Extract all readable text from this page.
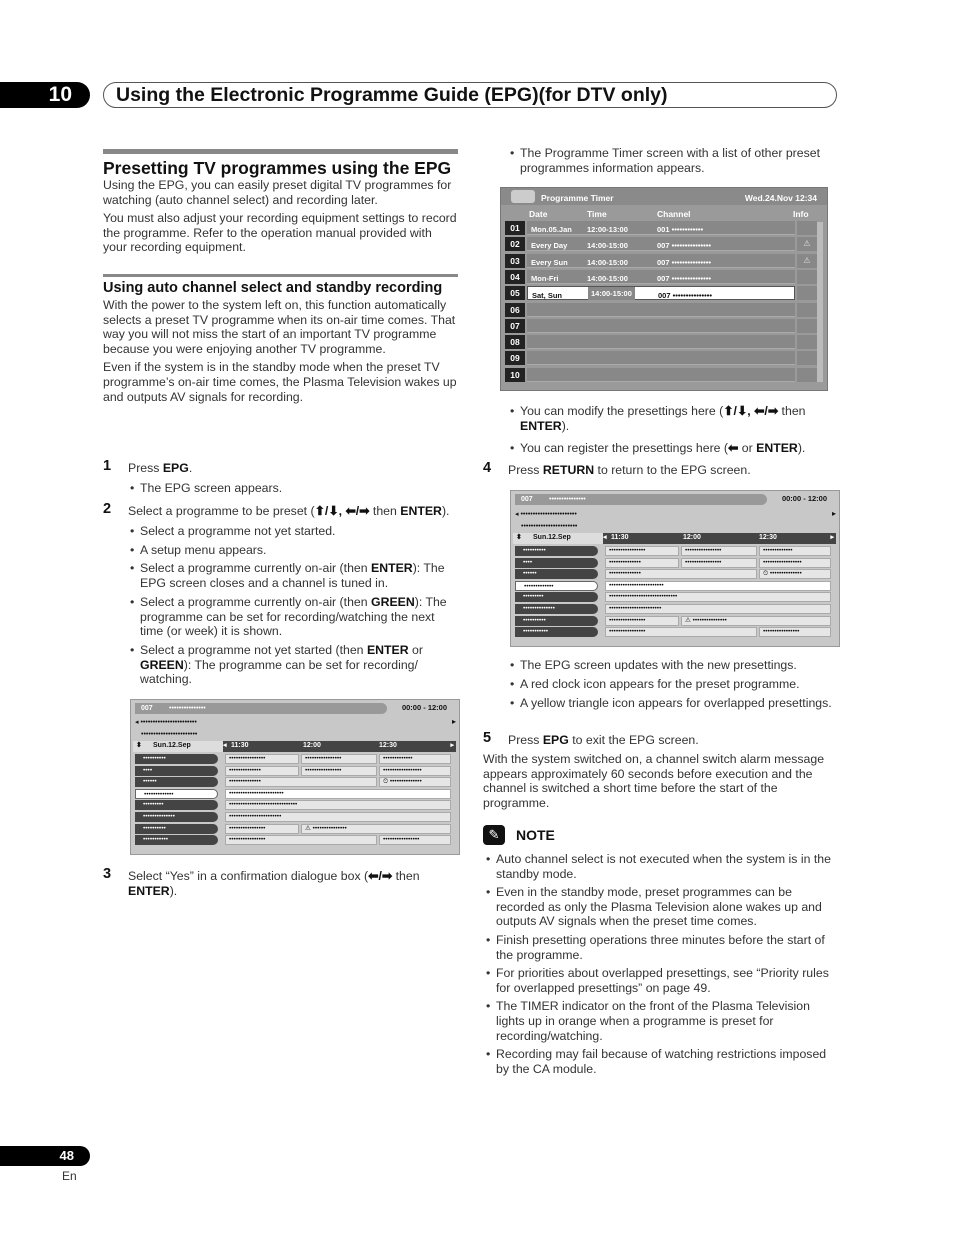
10	Using the Electronic Programme Guide (EPG)(for DTV only)
Presetting TV programmes using the EPG

Using the EPG, you can easily preset digital TV programmes for watching (auto channel select) and recording later.

You must also adjust your recording equipment settings to record the programme. Refer to the operation manual provided with your recording equipment.

Using auto channel select and standby recording

With the power to the system left on, this function automatically selects a preset TV programme when its on-air time comes. That way you will not miss the start of an important TV programme because you were enjoying another TV programme.

Even if the system is in the standby mode when the preset TV programme’s on-air time comes, the Plasma Television wakes up and outputs AV signals for recording.

1 Press EPG.
• The EPG screen appears.
2 Select a programme to be preset (⬆/⬇, ⬅/➡ then ENTER).
• Select a programme not yet started.
• A setup menu appears.
• Select a programme currently on-air (then ENTER): The EPG screen closes and a channel is tuned in.
• Select a programme currently on-air (then GREEN): The programme can be set for recording/watching the next time (or week) it is shown.
• Select a programme not yet started (then ENTER or GREEN): The programme can be set for recording/ watching.
007 •••••••••••••••	00:00 - 12:00
◂ •••••••••••••••••••••••	▸
•••••••••••••••••••••••
⬍ Sun.12.Sep	◂ 11:30	12:00	12:30	▸
••••••••••	••••••••••••••••	••••••••••••••••	•••••••••••••
••••	••••••••••••••	••••••••••••••••	•••••••••••••••••
••••••	••••••••••••••	⏲ ••••••••••••••
•••••••••••••	••••••••••••••••••••••••
•••••••••	••••••••••••••••••••••••••••••
••••••••••••••	•••••••••••••••••••••••
••••••••••	••••••••••••••••	⚠ •••••••••••••••
•••••••••••	••••••••••••••••	••••••••••••••••
3 Select “Yes” in a confirmation dialogue box (⬅/➡ then ENTER).
• The Programme Timer screen with a list of other preset programmes information appears.
Programme Timer	Wed.24.Nov 12:34
Date	Time	Channel	Info
01	Mon.05.Jan 12:00-13:00	001 ••••••••••••
02	Every Day	14:00-15:00	007 •••••••••••••••	⚠
03	Every Sun	14:00-15:00	007 •••••••••••••••	⚠
04	Mon-Fri	14:00-15:00	007 •••••••••••••••
05	Sat, Sun	14:00-15:00	007 •••••••••••••••
06
07
08
09
10
• You can modify the presettings here (⬆/⬇, ⬅/➡ then ENTER).
• You can register the presettings here (⬅ or ENTER).
4 Press RETURN to return to the EPG screen.
007 •••••••••••••••	00:00 - 12:00
◂ •••••••••••••••••••••••	▸
•••••••••••••••••••••••
⬍ Sun.12.Sep	◂ 11:30	12:00	12:30	▸
••••••••••	••••••••••••••••	••••••••••••••••	•••••••••••••
••••	••••••••••••••	••••••••••••••••	•••••••••••••••••
••••••	••••••••••••••	⏲ ••••••••••••••
•••••••••••••	••••••••••••••••••••••••
•••••••••	••••••••••••••••••••••••••••••
••••••••••••••	•••••••••••••••••••••••
••••••••••	••••••••••••••••	⚠ •••••••••••••••
•••••••••••	••••••••••••••••	••••••••••••••••
• The EPG screen updates with the new presettings.
• A red clock icon appears for the preset programme.
• A yellow triangle icon appears for overlapped presettings.
5 Press EPG to exit the EPG screen.

With the system switched on, a channel switch alarm message appears approximately 60 seconds before execution and the channel is switched a short time before the start of the programme.

✎	NOTE
• Auto channel select is not executed when the system is in the standby mode.
• Even in the standby mode, preset programmes can be recorded as only the Plasma Television alone wakes up and outputs AV signals when the preset time comes.
• Finish presetting operations three minutes before the start of the programme.
• For priorities about overlapped presettings, see “Priority rules for overlapped presettings” on page 49.
• The TIMER indicator on the front of the Plasma Television lights up in orange when a programme is preset for recording/watching.
• Recording may fail because of watching restrictions imposed by the CA module.
48
En
